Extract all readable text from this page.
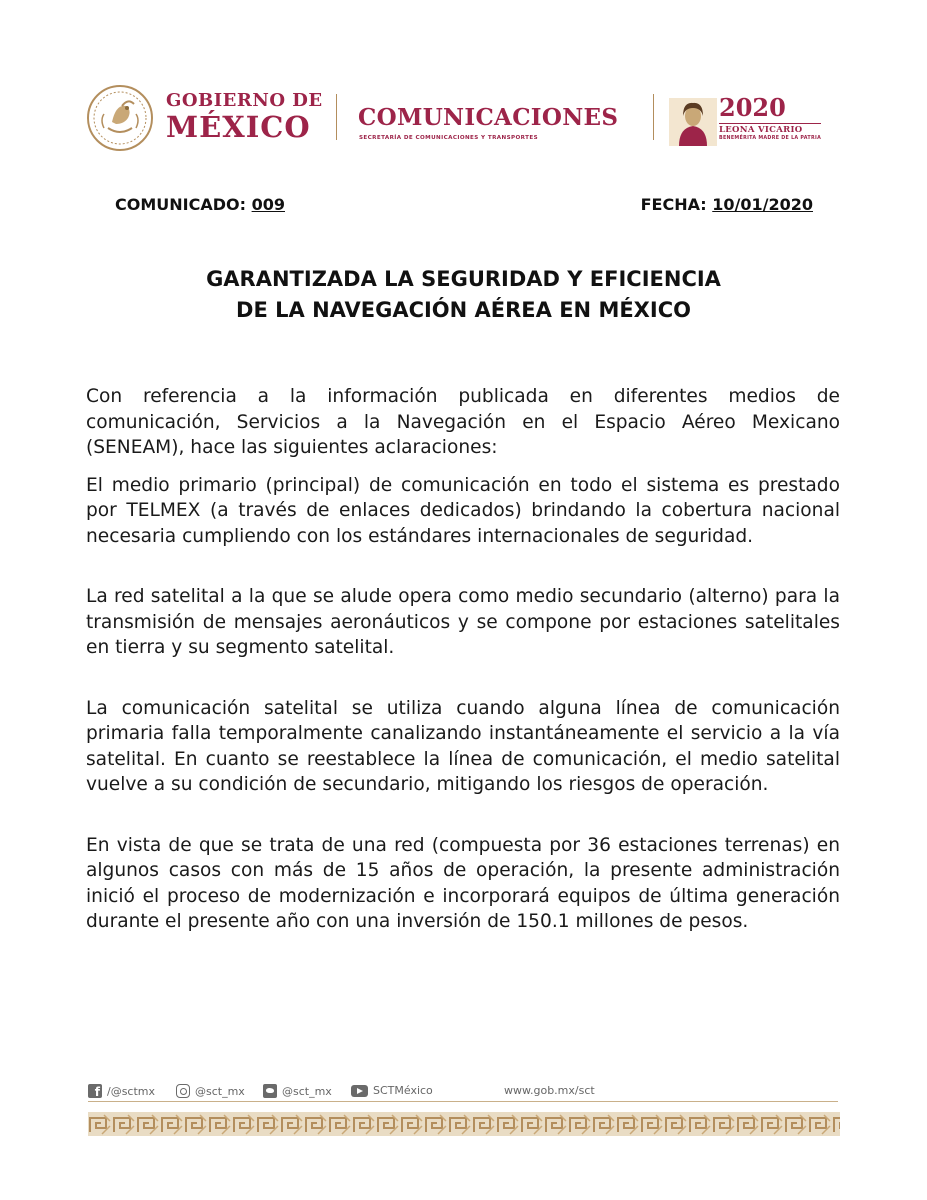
GOBIERNO DE
MÉXICO	COMUNICACIONES
SECRETARÍA DE COMUNICACIONES Y TRANSPORTES
2020
LEONA VICARIO
BENEMÉRITA MADRE DE LA PATRIA
COMUNICADO: 009	FECHA: 10/01/2020
GARANTIZADA LA SEGURIDAD Y EFICIENCIA
DE LA NAVEGACIÓN AÉREA EN MÉXICO

Con referencia a la información publicada en diferentes medios de comunicación, Servicios a la Navegación en el Espacio Aéreo Mexicano (SENEAM), hace las siguientes aclaraciones:

El medio primario (principal) de comunicación en todo el sistema es prestado por TELMEX (a través de enlaces dedicados) brindando la cobertura nacional necesaria cumpliendo con los estándares internacionales de seguridad.

La red satelital a la que se alude opera como medio secundario (alterno) para la transmisión de mensajes aeronáuticos y se compone por estaciones satelitales en tierra y su segmento satelital.

La comunicación satelital se utiliza cuando alguna línea de comunicación primaria falla temporalmente canalizando instantáneamente el servicio a la vía satelital. En cuanto se reestablece la línea de comunicación, el medio satelital vuelve a su condición de secundario, mitigando los riesgos de operación.

En vista de que se trata de una red (compuesta por 36 estaciones terrenas) en algunos casos con más de 15 años de operación, la presente administración inició el proceso de modernización e incorporará equipos de última generación durante el presente año con una inversión de 150.1 millones de pesos.

f
/@sctmx	@sct_mx	@sct_mx	SCTMéxico	www.gob.mx/sct
